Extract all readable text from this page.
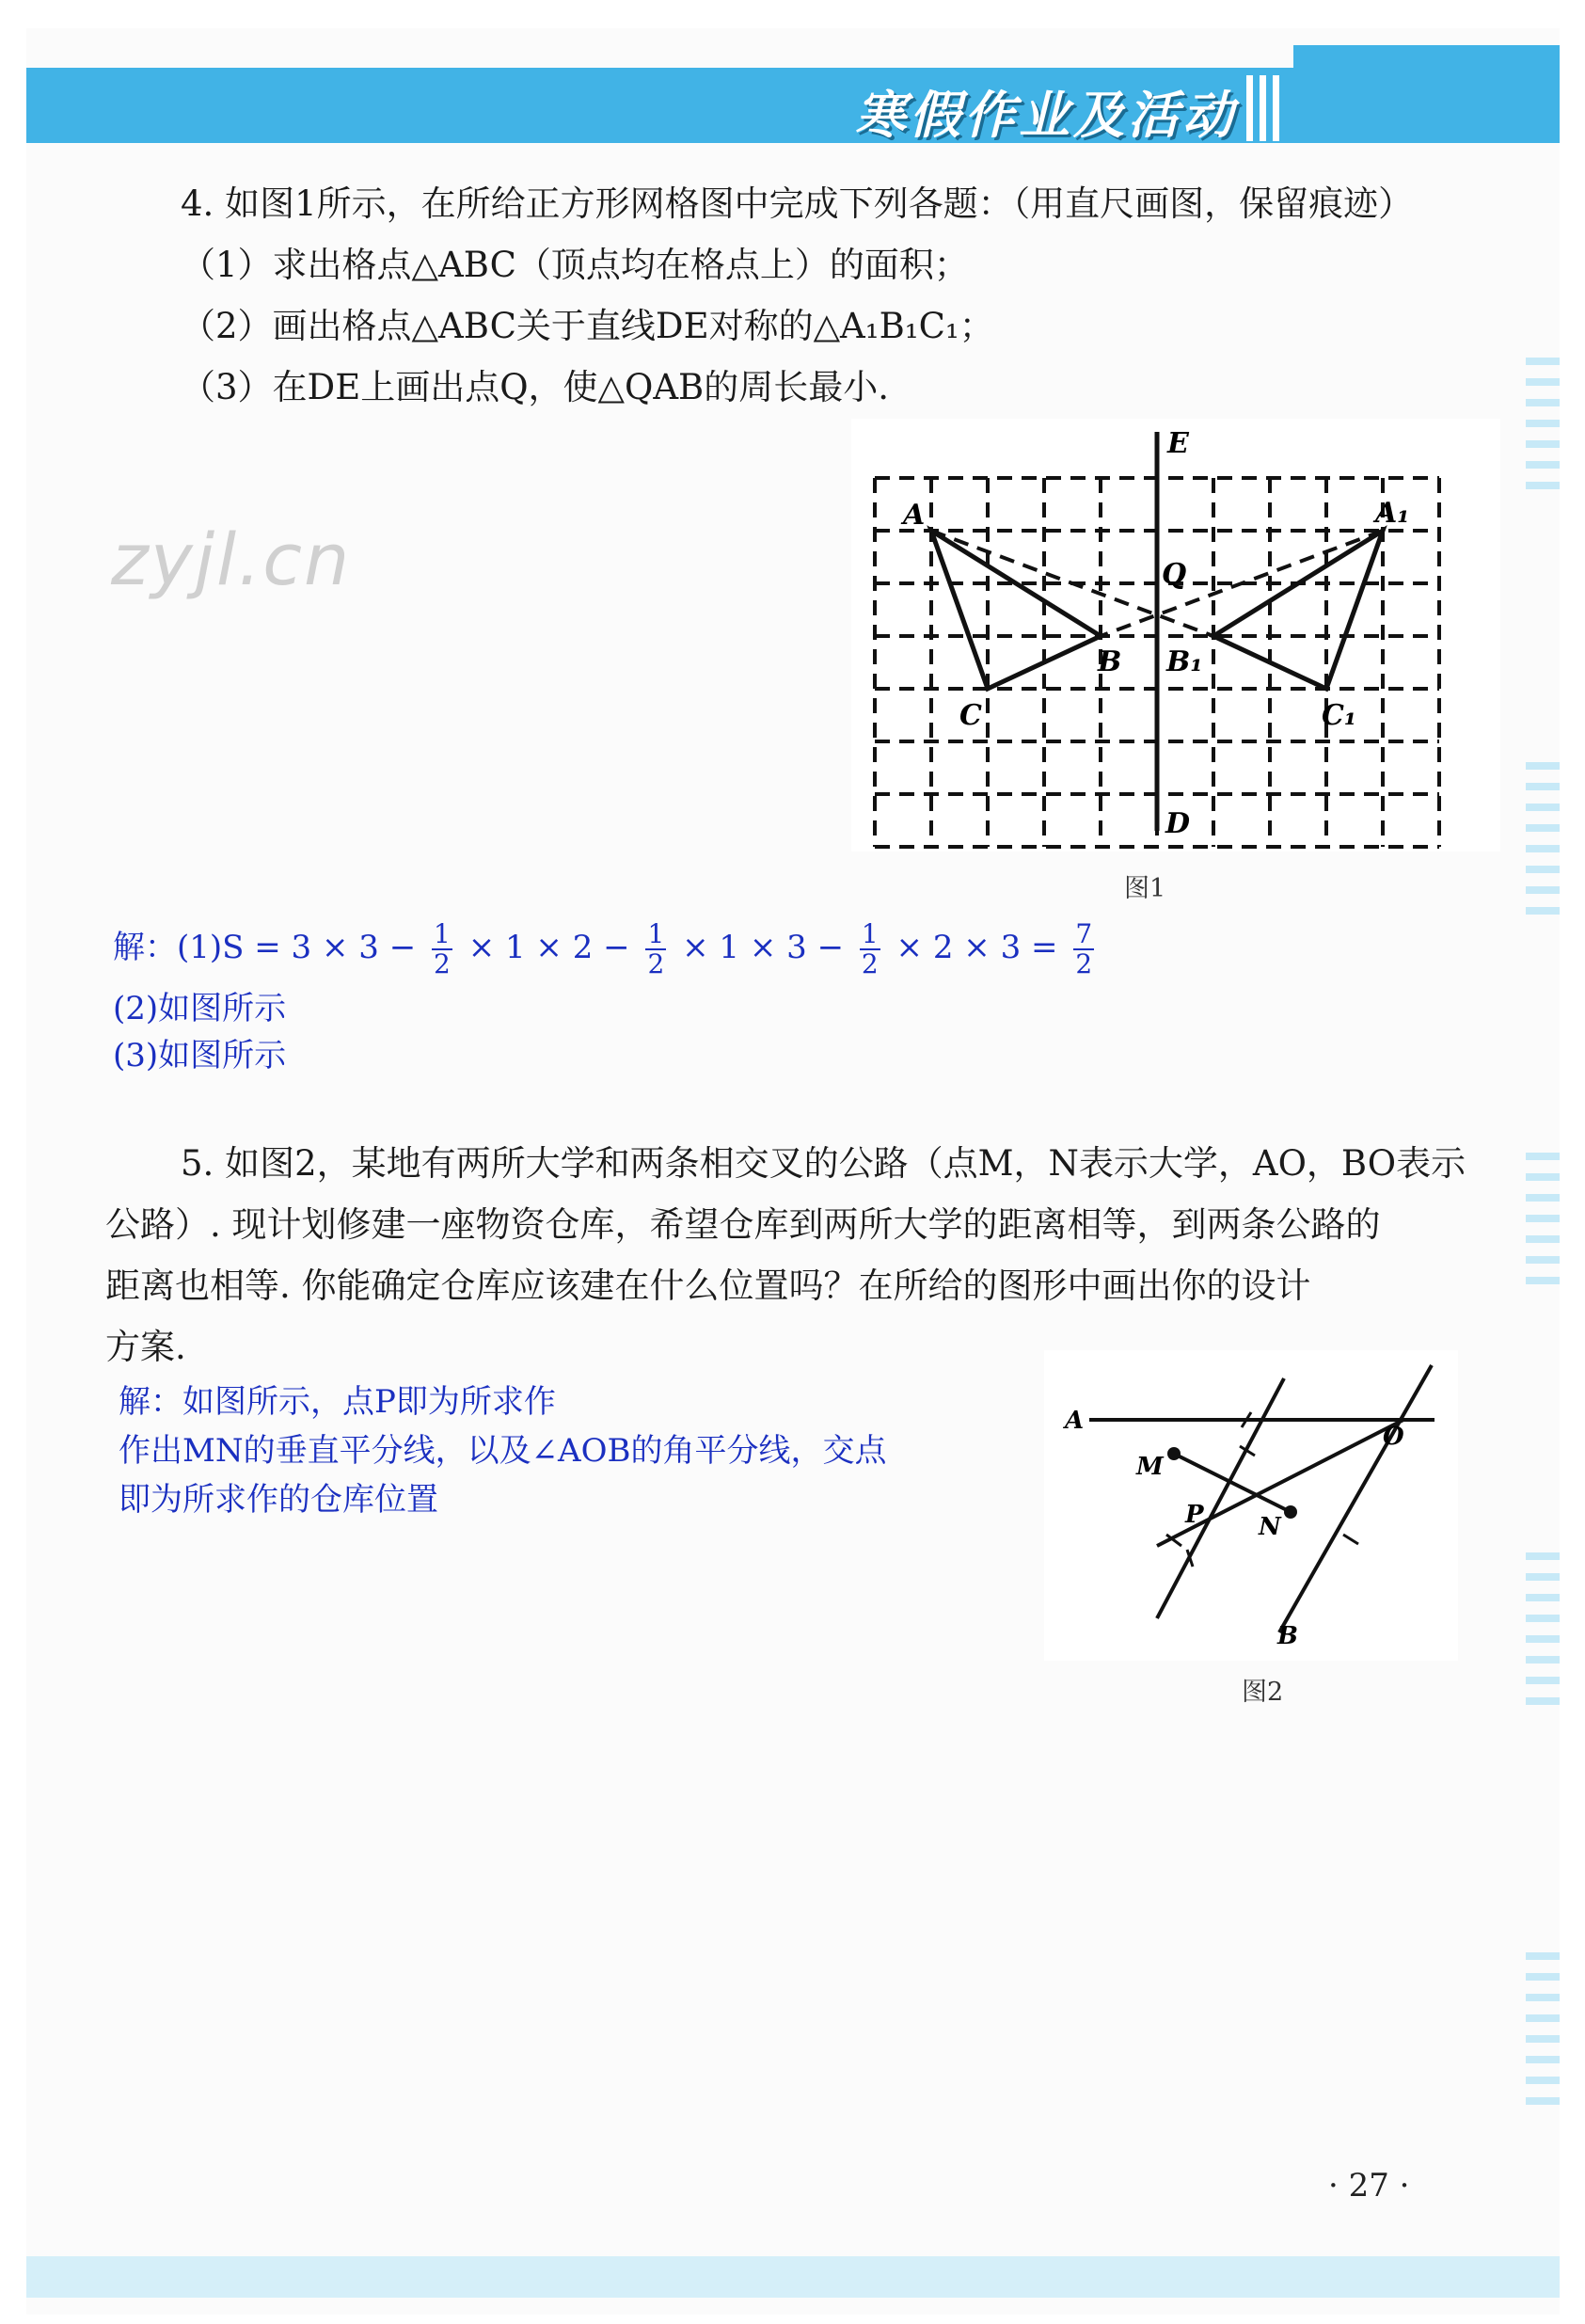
寒假作业及活动
4. 如图1所示，在所给正方形网格图中完成下列各题：（用直尺画图，保留痕迹）
（1）求出格点△ABC（顶点均在格点上）的面积；
（2）画出格点△ABC关于直线DE对称的△A₁B₁C₁；
（3）在DE上画出点Q，使△QAB的周长最小.
zyjl.cn
E
D
A	A₁
Q
B B₁
C	C₁
图1
解：$(1)S = 3 \times 3 - \frac{1}{2} \times 1 \times 2 - \frac{1}{2} \times 1 \times 3 - \frac{1}{2} \times 2 \times 3 = \frac{7}{2}$
(2)如图所示
(3)如图所示
5. 如图2，某地有两所大学和两条相交叉的公路（点M，N表示大学，AO，BO表示
公路）. 现计划修建一座物资仓库，希望仓库到两所大学的距离相等，到两条公路的
距离也相等. 你能确定仓库应该建在什么位置吗？在所给的图形中画出你的设计
方案.
解：如图所示，点P即为所求作
作出MN的垂直平分线，以及∠AOB的角平分线，交点
即为所求作的仓库位置
A
O
M
N
P
B
图2
· 27 ·
